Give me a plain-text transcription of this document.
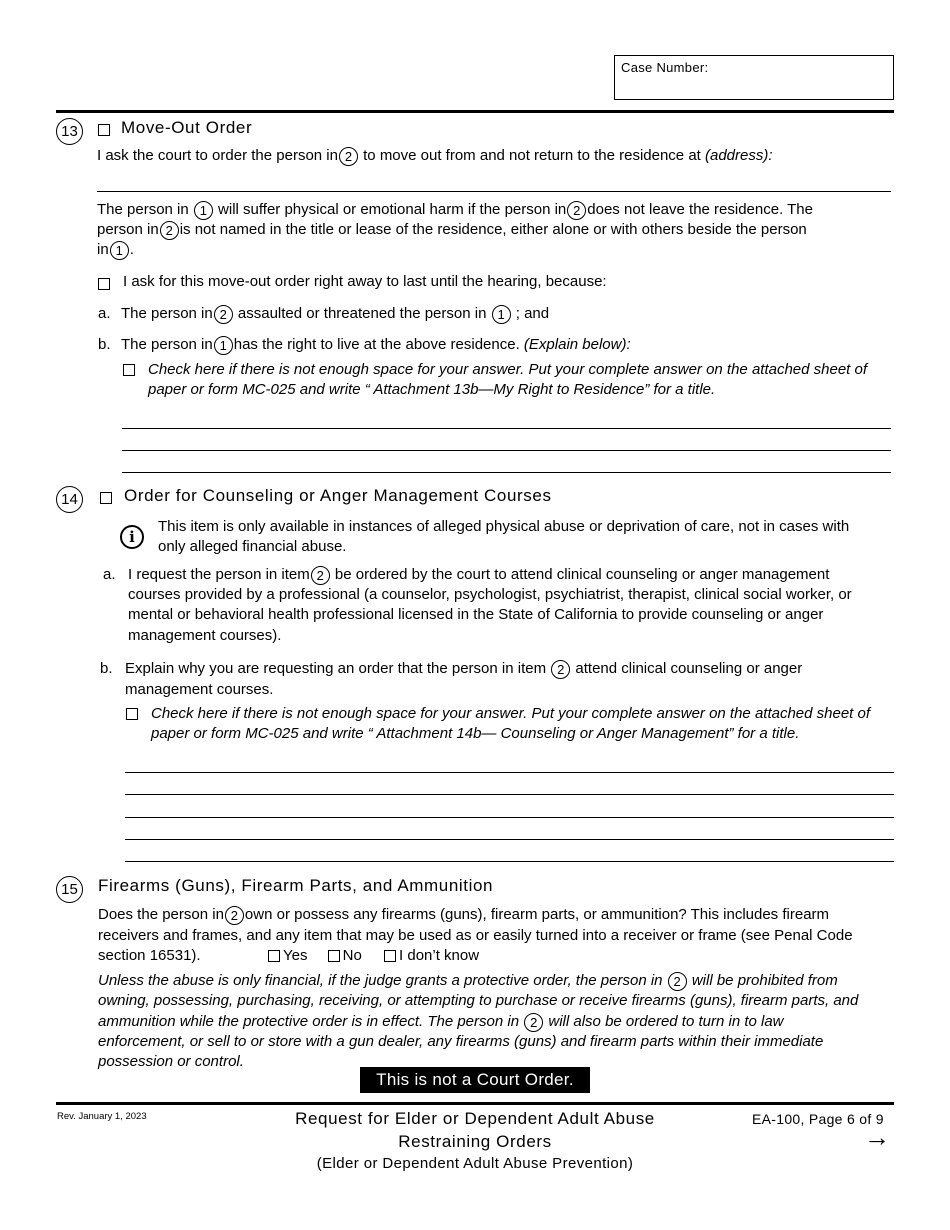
Case Number:
13	Move-Out Order
I ask the court to order the person in 2 to move out from and not return to the residence at (address):
The person in 1 will suffer physical or emotional harm if the person in 2 does not leave the residence. The
person in 2 is not named in the title or lease of the residence, either alone or with others beside the person
in 1 .
I ask for this move-out order right away to last until the hearing, because:
a. The person in 2 assaulted or threatened the person in 1 ; and
b. The person in 1 has the right to live at the above residence. (Explain below):
Check here if there is not enough space for your answer. Put your complete answer on the attached sheet of
paper or form MC-025 and write “ Attachment 13b—My Right to Residence” for a title.
14	Order for Counseling or Anger Management Courses
i
This item is only available in instances of alleged physical abuse or deprivation of care, not in cases with
only alleged financial abuse.
a. I request the person in item 2 be ordered by the court to attend clinical counseling or anger management
courses provided by a professional (a counselor, psychologist, psychiatrist, therapist, clinical social worker, or
mental or behavioral health professional licensed in the State of California to provide counseling or anger
management courses).
b. Explain why you are requesting an order that the person in item 2 attend clinical counseling or anger
management courses.
Check here if there is not enough space for your answer. Put your complete answer on the attached sheet of
paper or form MC-025 and write “ Attachment 14b— Counseling or Anger Management” for a title.
15	Firearms (Guns), Firearm Parts, and Ammunition
Does the person in 2 own or possess any firearms (guns), firearm parts, or ammunition? This includes firearm
receivers and frames, and any item that may be used as or easily turned into a receiver or frame (see Penal Code
section 16531).	Yes No I don’t know
Unless the abuse is only financial, if the judge grants a protective order, the person in 2 will be prohibited from
owning, possessing, purchasing, receiving, or attempting to purchase or receive firearms (guns), firearm parts, and
ammunition while the protective order is in effect. The person in 2 will also be ordered to turn in to law
enforcement, or sell to or store with a gun dealer, any firearms (guns) and firearm parts within their immediate
possession or control.
This is not a Court Order.
Rev. January 1, 2023	Request for Elder or Dependent Adult Abuse
Restraining Orders
(Elder or Dependent Adult Abuse Prevention)
EA-100, Page 6 of 9
→
